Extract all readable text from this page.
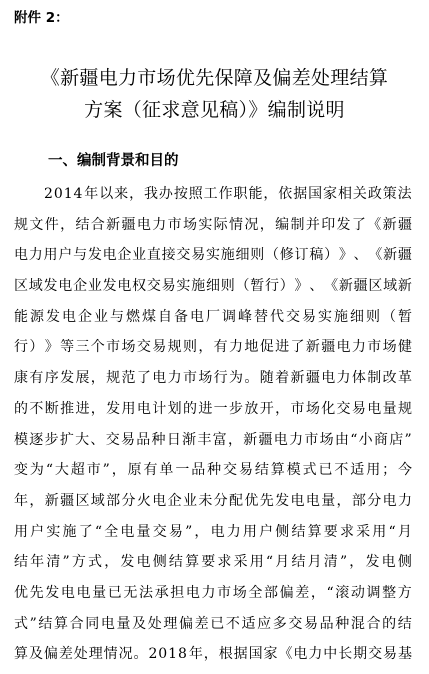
附件 2：
《新疆电力市场优先保障及偏差处理结算
方案（征求意见稿）》编制说明
一、编制背景和目的
2 0 1 4 年 以 来 ， 我 办 按 照 工 作 职 能 ， 依 据 国 家 相 关 政 策 法
规 文 件 ， 结 合 新 疆 电 力 市 场 实 际 情 况 ， 编 制 并 印 发 了 《 新 疆
电 力 用 户 与 发 电 企 业 直 接 交 易 实 施 细 则 （ 修 订 稿 ） 》 、 《 新 疆
区 域 发 电 企 业 发 电 权 交 易 实 施 细 则 （ 暂 行 ） 》 、 《 新 疆 区 域 新
能 源 发 电 企 业 与 燃 煤 自 备 电 厂 调 峰 替 代 交 易 实 施 细 则 （ 暂
行 ） 》 等 三 个 市 场 交 易 规 则 ， 有 力 地 促 进 了 新 疆 电 力 市 场 健
康 有 序 发 展 ， 规 范 了 电 力 市 场 行 为 。 随 着 新 疆 电 力 体 制 改 革
的 不 断 推 进 ， 发 用 电 计 划 的 进 一 步 放 开 ， 市 场 化 交 易 电 量 规
模 逐 步 扩 大 、 交 易 品 种 日 渐 丰 富 ， 新 疆 电 力 市 场 由 “ 小 商 店 ”
变 为 “ 大 超 市 ” ， 原 有 单 一 品 种 交 易 结 算 模 式 已 不 适 用 ； 今
年 ， 新 疆 区 域 部 分 火 电 企 业 未 分 配 优 先 发 电 电 量 ， 部 分 电 力
用 户 实 施 了 “ 全 电 量 交 易 ” ， 电 力 用 户 侧 结 算 要 求 采 用 “ 月
结 年 清 ” 方 式 ， 发 电 侧 结 算 要 求 采 用 “ 月 结 月 清 ” ， 发 电 侧
优 先 发 电 电 量 已 无 法 承 担 电 力 市 场 全 部 偏 差 ， “ 滚 动 调 整 方
式 ” 结 算 合 同 电 量 及 处 理 偏 差 已 不 适 应 多 交 易 品 种 混 合 的 结
算 及 偏 差 处 理 情 况 。 2 0 1 8 年 ， 根 据 国 家 《 电 力 中 长 期 交 易 基
